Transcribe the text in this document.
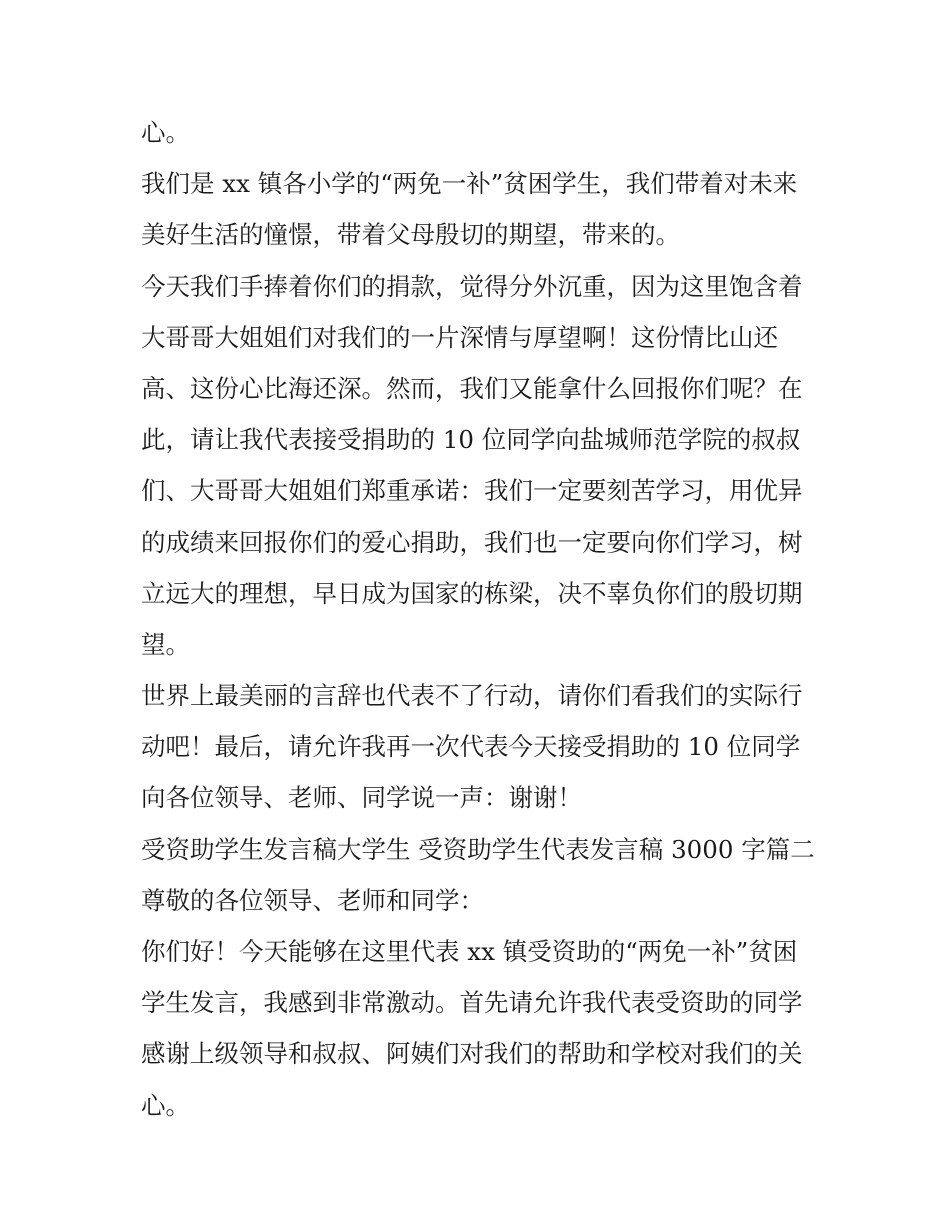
心。
我们是 xx 镇各小学的“两免一补”贫困学生，我们带着对未来
美好生活的憧憬，带着父母殷切的期望，带来的。
今天我们手捧着你们的捐款，觉得分外沉重，因为这里饱含着
大哥哥大姐姐们对我们的一片深情与厚望啊！这份情比山还
高、这份心比海还深。然而，我们又能拿什么回报你们呢？在
此，请让我代表接受捐助的 10 位同学向盐城师范学院的叔叔
们、大哥哥大姐姐们郑重承诺：我们一定要刻苦学习，用优异
的成绩来回报你们的爱心捐助，我们也一定要向你们学习，树
立远大的理想，早日成为国家的栋梁，决不辜负你们的殷切期
望。
世界上最美丽的言辞也代表不了行动，请你们看我们的实际行
动吧！最后，请允许我再一次代表今天接受捐助的 10 位同学
向各位领导、老师、同学说一声：谢谢！
受资助学生发言稿大学生 受资助学生代表发言稿 3000 字篇二
尊敬的各位领导、老师和同学：
你们好！今天能够在这里代表 xx 镇受资助的“两免一补”贫困
学生发言，我感到非常激动。首先请允许我代表受资助的同学
感谢上级领导和叔叔、阿姨们对我们的帮助和学校对我们的关
心。
